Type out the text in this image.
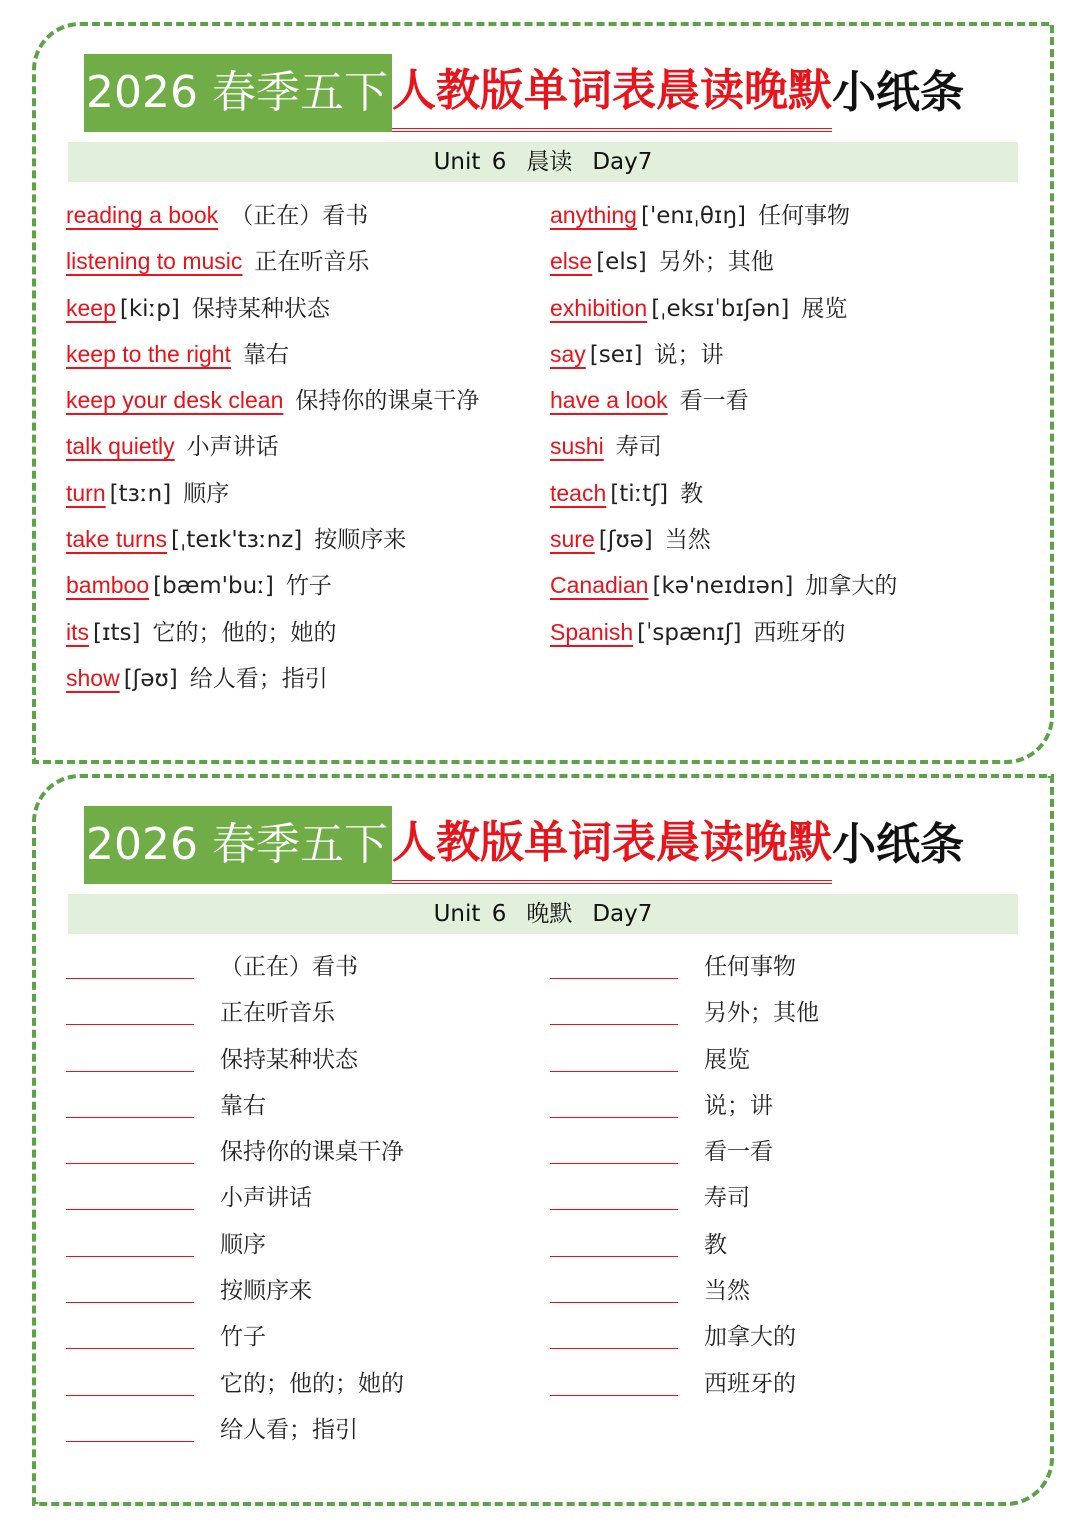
2026 春季五下人教版单词表晨读晚默小纸条
Unit 6 晨读 Day7
reading a book （正在）看书
listening to music 正在听音乐
keep [kiːp] 保持某种状态
keep to the right 靠右
keep your desk clean 保持你的课桌干净
talk quietly 小声讲话
turn [tɜːn] 顺序
take turns [ˌteɪk'tɜːnz] 按顺序来
bamboo [bæm'buː] 竹子
its [ɪts] 它的；他的；她的
show [ʃəʊ] 给人看；指引
anything ['enɪˌθɪŋ] 任何事物
else [els] 另外；其他
exhibition [ˌeksɪˈbɪʃən] 展览
say [seɪ] 说；讲
have a look 看一看
sushi 寿司
teach [tiːtʃ] 教
sure [ʃʊə] 当然
Canadian [kə'neɪdɪən] 加拿大的
Spanish [ˈspænɪʃ] 西班牙的
2026 春季五下人教版单词表晨读晚默小纸条
Unit 6 晚默 Day7
（正在）看书
正在听音乐
保持某种状态
靠右
保持你的课桌干净
小声讲话
顺序
按顺序来
竹子
它的；他的；她的
给人看；指引
任何事物
另外；其他
展览
说；讲
看一看
寿司
教
当然
加拿大的
西班牙的
